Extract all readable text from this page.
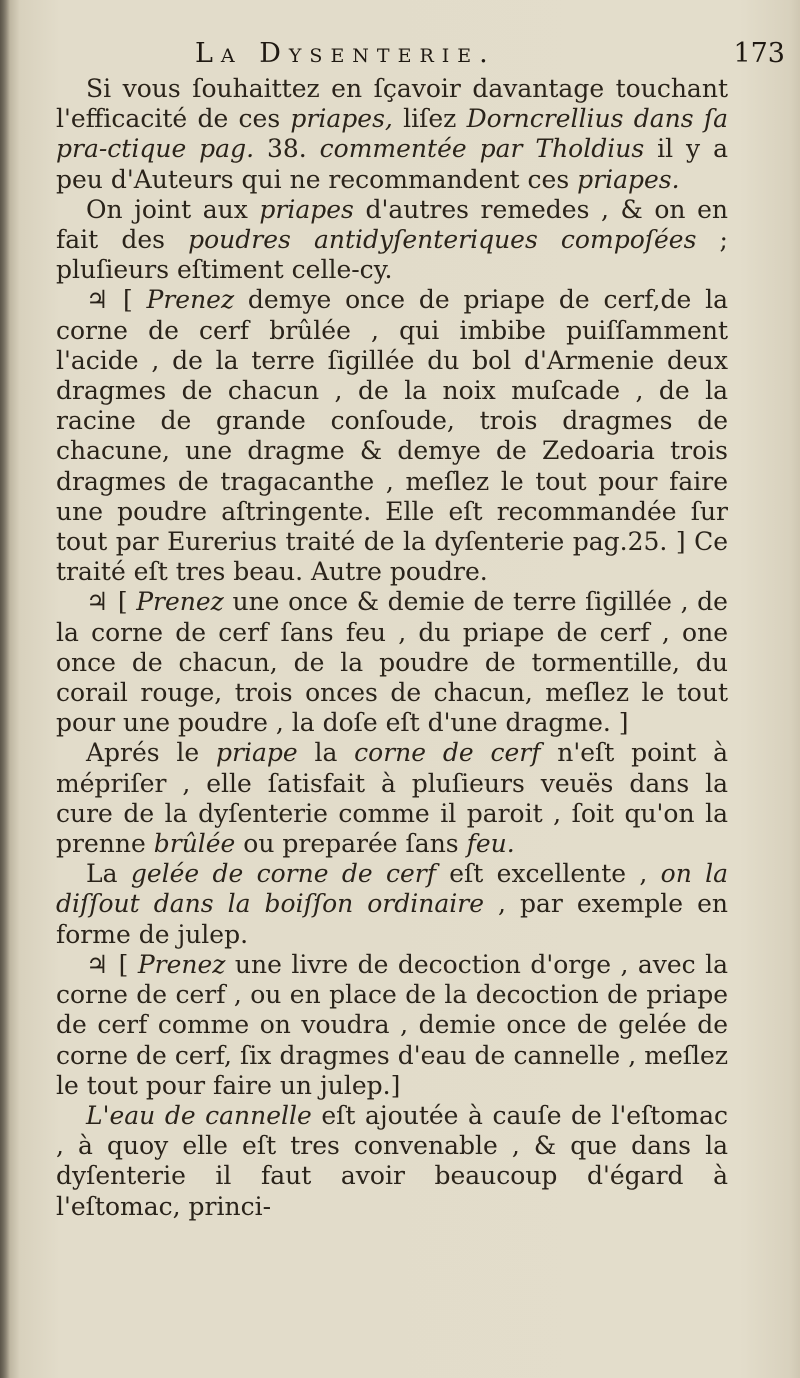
La Dysenterie.	173

Si vous ſouhaittez en ſçavoir davantage touchant l'efficacité de ces priapes, liſez Dorncrellius dans ſa pra-ctique pag. 38. commentée par Tholdius il y a peu d'Auteurs qui ne recommandent ces priapes.

On joint aux priapes d'autres remedes , & on en fait des poudres antidyſenteriques compoſées ; pluſieurs eſtiment celle-cy.

♃ [ Prenez demye once de priape de cerf,de la corne de cerf brûlée , qui imbibe puiſſamment l'acide , de la terre ſigillée du bol d'Armenie deux dragmes de chacun , de la noix muſcade , de la racine de grande conſoude, trois dragmes de chacune, une dragme & demye de Zedoaria trois dragmes de tragacanthe , meſlez le tout pour faire une poudre aſtringente. Elle eſt recommandée ſur tout par Eurerius traité de la dyſenterie pag.25. ] Ce traité eſt tres beau. Autre poudre.

♃ [ Prenez une once & demie de terre ſigillée , de la corne de cerf ſans feu , du priape de cerf , one once de chacun, de la poudre de tormentille, du corail rouge, trois onces de chacun, meſlez le tout pour une poudre , la doſe eſt d'une dragme. ]

Aprés le priape la corne de cerf n'eſt point à mépriſer , elle ſatisfait à pluſieurs veuës dans la cure de la dyſenterie comme il paroit , ſoit qu'on la prenne brûlée ou preparée ſans feu.

La gelée de corne de cerf eſt excellente , on la diſſout dans la boiſſon ordinaire , par exemple en forme de julep.

♃ [ Prenez une livre de decoction d'orge , avec la corne de cerf , ou en place de la decoction de priape de cerf comme on voudra , demie once de gelée de corne de cerf, ſix dragmes d'eau de cannelle , meſlez le tout pour faire un julep.]

L'eau de cannelle eſt ajoutée à cauſe de l'eſtomac , à quoy elle eſt tres convenable , & que dans la dyſenterie il faut avoir beaucoup d'égard à l'eſtomac, princi-
